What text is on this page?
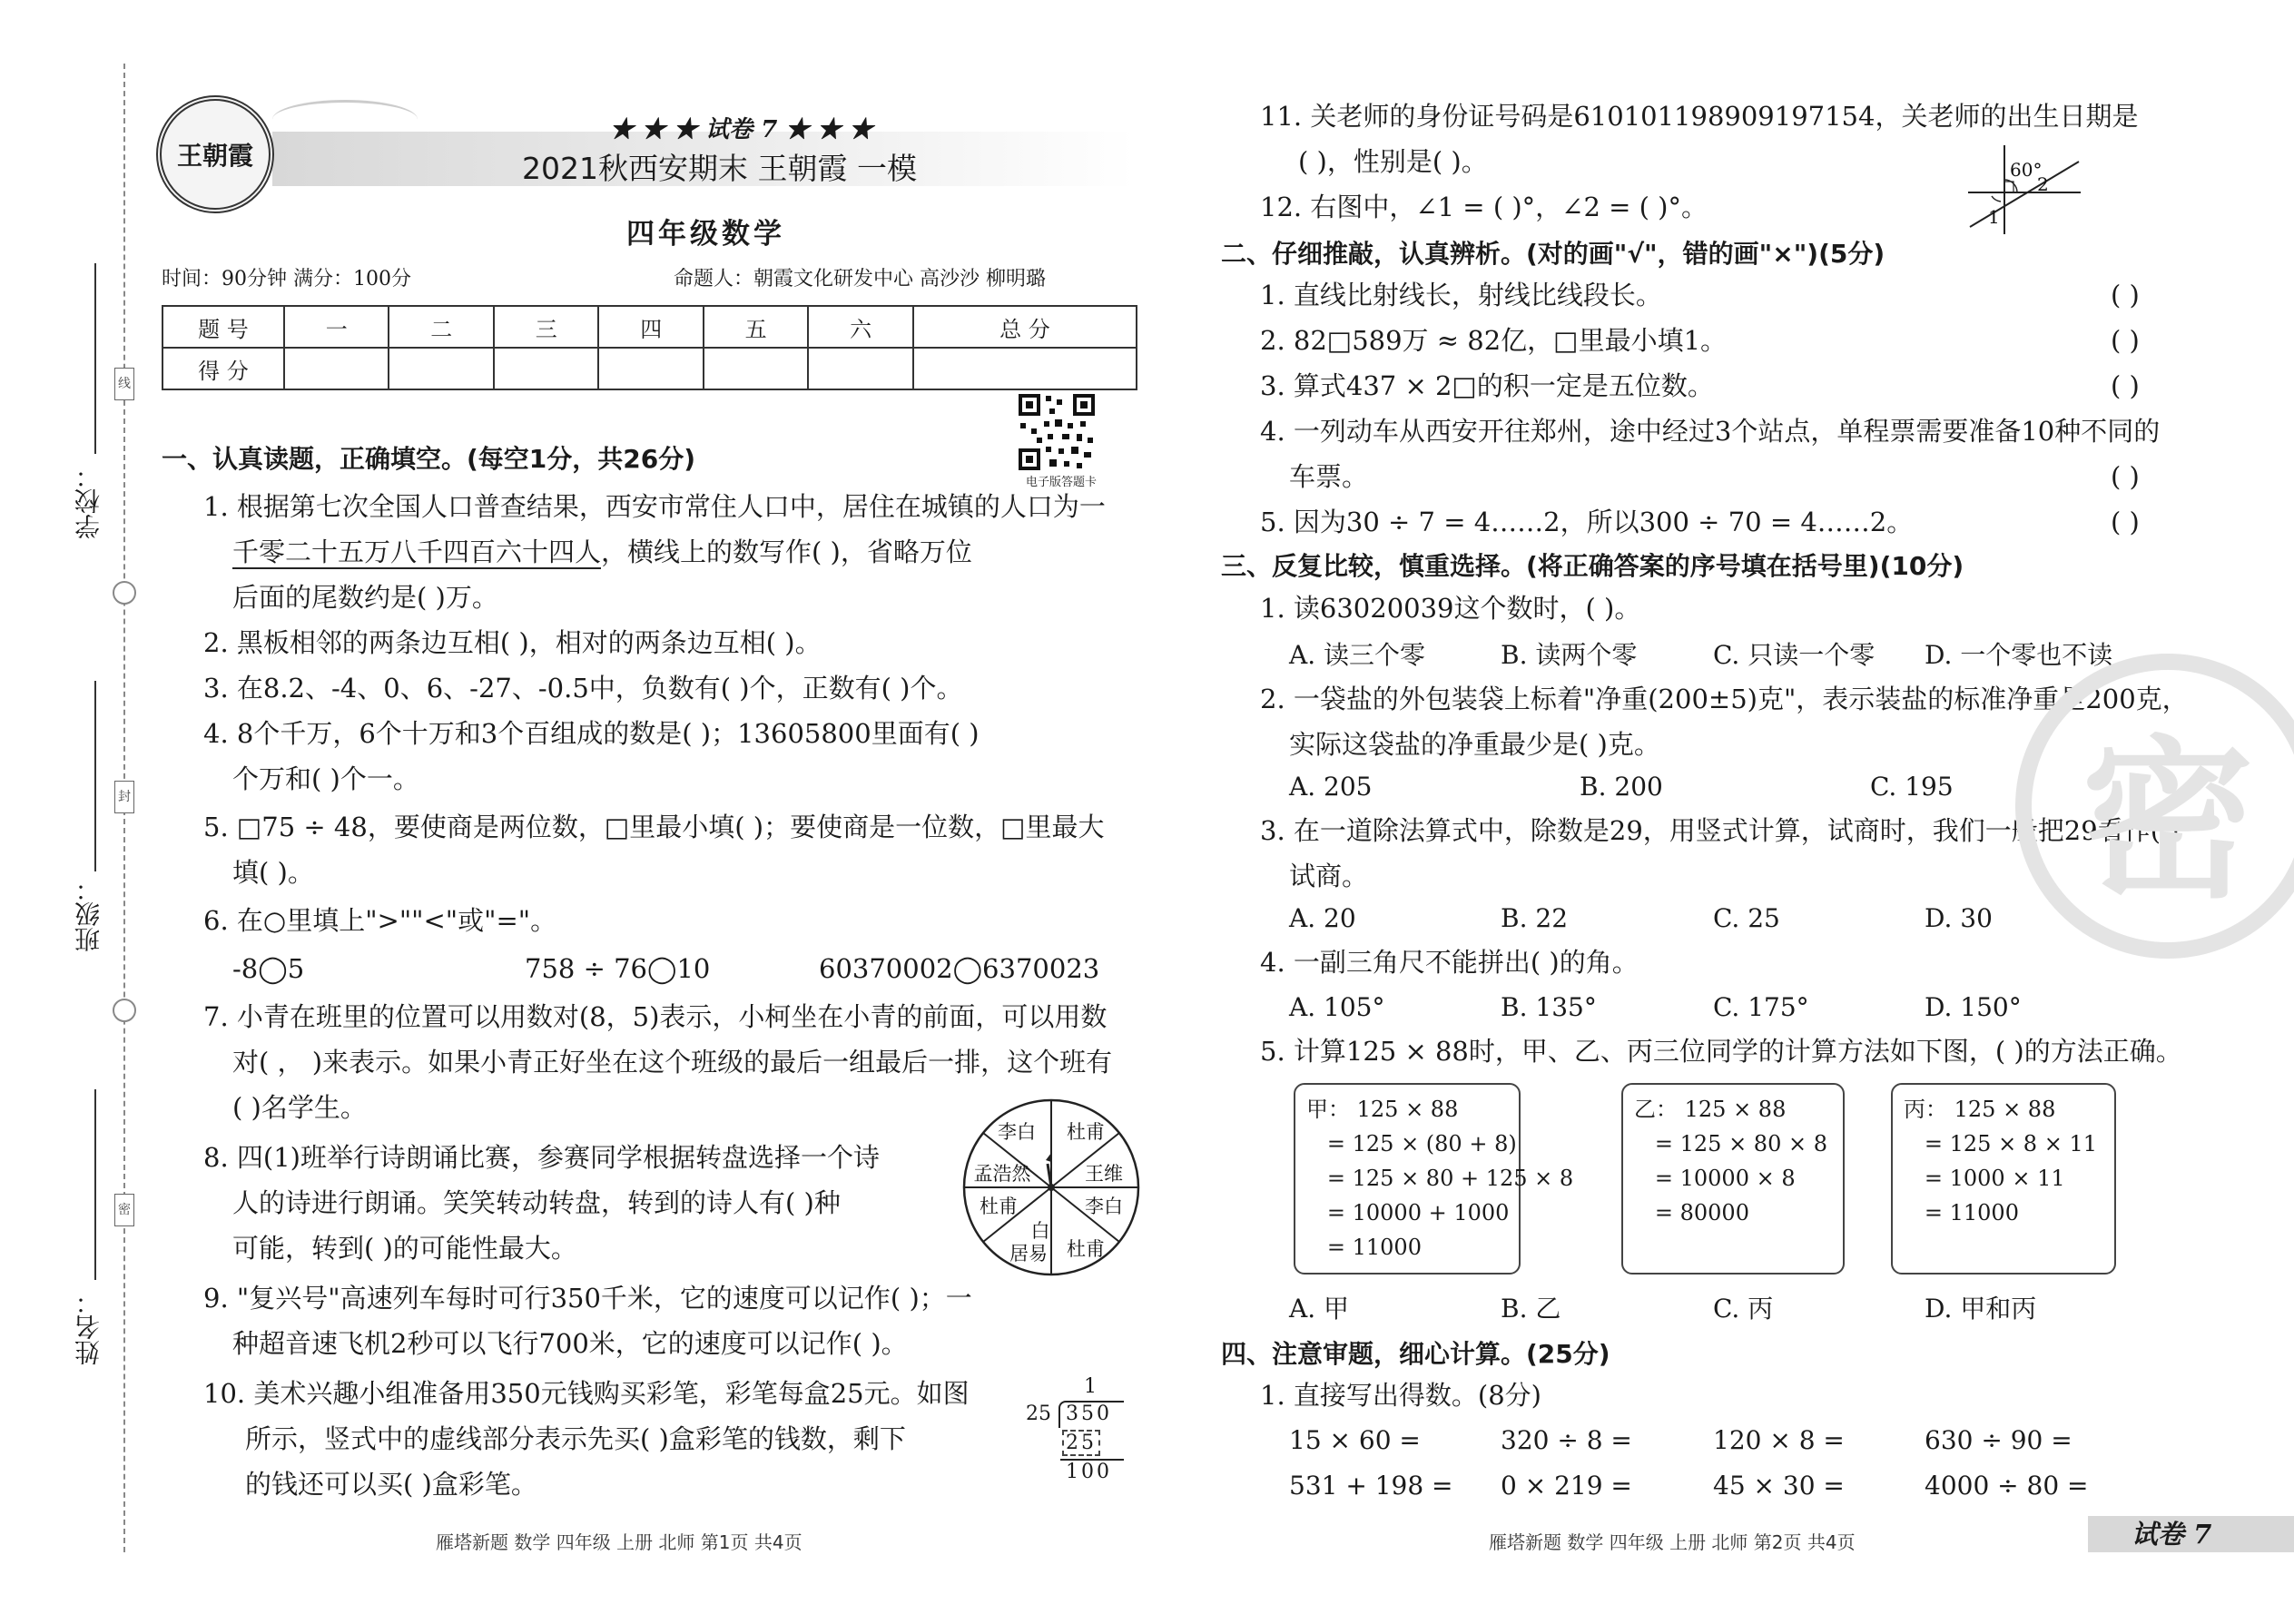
线
封
密
学校：
班级：
姓名：
王朝霞
★ ★ ★ 试卷 7 ★ ★ ★
2021秋西安期末 王朝霞 一模
四年级数学
时间：90分钟 满分：100分	命题人：朝霞文化研发中心 高沙沙 柳明璐
题 号	一	二	三	四	五	六	总 分
得 分							
电子版答题卡
一、认真读题，正确填空。(每空1分，共26分)
1. 根据第七次全国人口普查结果，西安市常住人口中，居住在城镇的人口为一
千零二十五万八千四百六十四人，横线上的数写作( )，省略万位
后面的尾数约是( )万。
2. 黑板相邻的两条边互相( )，相对的两条边互相( )。
3. 在8.2、-4、0、6、-27、-0.5中，负数有( )个，正数有( )个。
4. 8个千万，6个十万和3个百组成的数是( )；13605800里面有( )
个万和( )个一。
5. □75 ÷ 48，要使商是两位数，□里最小填( )；要使商是一位数，□里最大
填( )。
6. 在○里填上">""<"或"="。
-8◯5	758 ÷ 76◯10	60370002◯6370023
7. 小青在班里的位置可以用数对(8，5)表示，小柯坐在小青的前面，可以用数
对( ， )来表示。如果小青正好坐在这个班级的最后一组最后一排，这个班有
( )名学生。
8. 四(1)班举行诗朗诵比赛，参赛同学根据转盘选择一个诗
人的诗进行朗诵。笑笑转动转盘，转到的诗人有( )种
可能，转到( )的可能性最大。
李白 杜甫
王维
李白
杜甫
居易
白
杜甫
孟浩然
9. "复兴号"高速列车每时可行350千米，它的速度可以记作( )；一
种超音速飞机2秒可以飞行700米，它的速度可以记作( )。
10. 美术兴趣小组准备用350元钱购买彩笔，彩笔每盒25元。如图
所示，竖式中的虚线部分表示先买( )盒彩笔的钱数，剩下
的钱还可以买( )盒彩笔。
1
25 350
25
100
11. 关老师的身份证号码是610101198909197154，关老师的出生日期是
( )，性别是( )。
12. 右图中，∠1 = ( )°，∠2 = ( )°。
60°
2
1
二、仔细推敲，认真辨析。(对的画"√"，错的画"×")(5分)
1. 直线比射线长，射线比线段长。	( )
2. 82□589万 ≈ 82亿，□里最小填1。	( )
3. 算式437 × 2□的积一定是五位数。	( )
4. 一列动车从西安开往郑州，途中经过3个站点，单程票需要准备10种不同的
车票。	( )
5. 因为30 ÷ 7 = 4……2，所以300 ÷ 70 = 4……2。	( )
三、反复比较，慎重选择。(将正确答案的序号填在括号里)(10分)
1. 读63020039这个数时，( )。
A. 读三个零	B. 读两个零	C. 只读一个零 D. 一个零也不读
2. 一袋盐的外包装袋上标着"净重(200±5)克"，表示装盐的标准净重是200克，
实际这袋盐的净重最少是( )克。
A. 205	B. 200	C. 195
3. 在一道除法算式中，除数是29，用竖式计算，试商时，我们一般把29看作( )
试商。
A. 20	B. 22	C. 25	D. 30
4. 一副三角尺不能拼出( )的角。
A. 105°	B. 135°	C. 175°	D. 150°
5. 计算125 × 88时，甲、乙、丙三位同学的计算方法如下图，( )的方法正确。
甲： 125 × 88
= 125 × (80 + 8)
= 125 × 80 + 125 × 8
= 10000 + 1000
= 11000
乙： 125 × 88
= 125 × 80 × 8
= 10000 × 8
= 80000
丙： 125 × 88
= 125 × 8 × 11
= 1000 × 11
= 11000
A. 甲	B. 乙	C. 丙	D. 甲和丙
四、注意审题，细心计算。(25分)
1. 直接写出得数。(8分)
15 × 60 =	320 ÷ 8 =	120 × 8 =	630 ÷ 90 =
531 + 198 = 0 × 219 =	45 × 30 =	4000 ÷ 80 =
密
雁塔新题 数学 四年级 上册 北师 第1页 共4页	雁塔新题 数学 四年级 上册 北师 第2页 共4页	试卷 7
